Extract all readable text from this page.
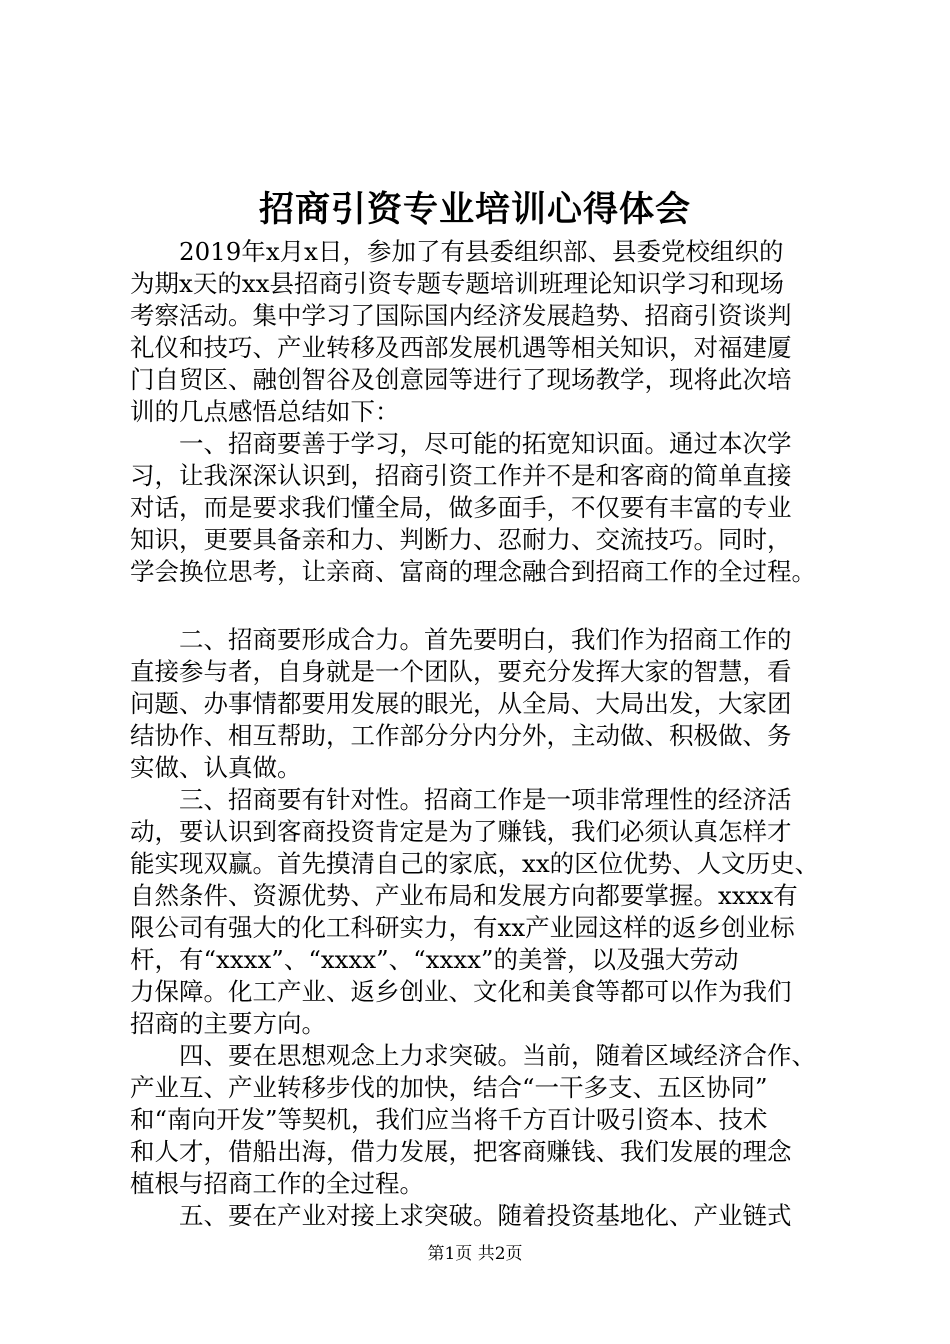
招商引资专业培训心得体会
　　2019年x月x日，参加了有县委组织部、县委党校组织的
为期x天的xx县招商引资专题专题培训班理论知识学习和现场
考察活动。集中学习了国际国内经济发展趋势、招商引资谈判
礼仪和技巧、产业转移及西部发展机遇等相关知识，对福建厦
门自贸区、融创智谷及创意园等进行了现场教学，现将此次培
训的几点感悟总结如下：
　　一、招商要善于学习，尽可能的拓宽知识面。通过本次学
习，让我深深认识到，招商引资工作并不是和客商的简单直接
对话，而是要求我们懂全局，做多面手，不仅要有丰富的专业
知识，更要具备亲和力、判断力、忍耐力、交流技巧。同时，
学会换位思考，让亲商、富商的理念融合到招商工作的全过程。
　　二、招商要形成合力。首先要明白，我们作为招商工作的
直接参与者，自身就是一个团队，要充分发挥大家的智慧，看
问题、办事情都要用发展的眼光，从全局、大局出发，大家团
结协作、相互帮助，工作部分分内分外，主动做、积极做、务
实做、认真做。
　　三、招商要有针对性。招商工作是一项非常理性的经济活
动，要认识到客商投资肯定是为了赚钱，我们必须认真怎样才
能实现双赢。首先摸清自己的家底，xx的区位优势、人文历史、
自然条件、资源优势、产业布局和发展方向都要掌握。xxxx有
限公司有强大的化工科研实力，有xx产业园这样的返乡创业标
杆，有“xxxx”、“xxxx”、“xxxx”的美誉，以及强大劳动
力保障。化工产业、返乡创业、文化和美食等都可以作为我们
招商的主要方向。
　　四、要在思想观念上力求突破。当前，随着区域经济合作、
产业互、产业转移步伐的加快，结合“一干多支、五区协同”
和“南向开发”等契机，我们应当将千方百计吸引资本、技术
和人才，借船出海，借力发展，把客商赚钱、我们发展的理念
植根与招商工作的全过程。
　　五、要在产业对接上求突破。随着投资基地化、产业链式
第1页 共2页
